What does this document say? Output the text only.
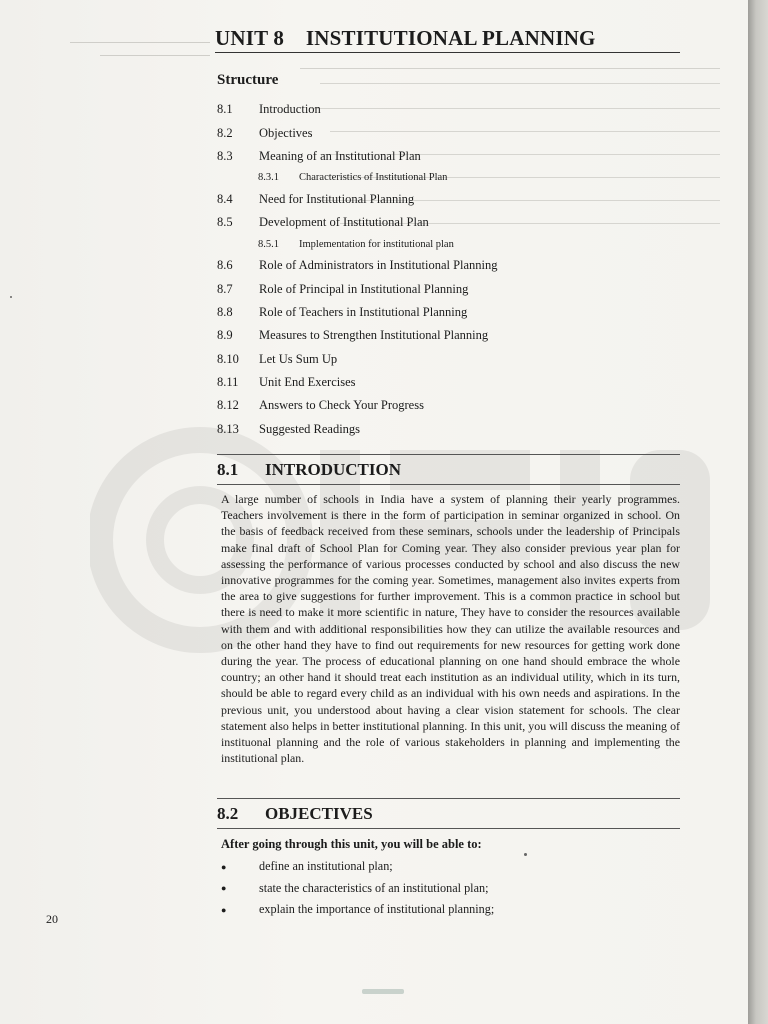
UNIT 8    INSTITUTIONAL PLANNING
Structure
8.1	Introduction
8.2	Objectives
8.3	Meaning of an Institutional Plan
8.3.1	Characteristics of Institutional Plan
8.4	Need for Institutional Planning
8.5	Development of Institutional Plan
8.5.1	Implementation for institutional plan
8.6	Role of Administrators in Institutional Planning
8.7	Role of Principal in Institutional Planning
8.8	Role of Teachers in Institutional Planning
8.9	Measures to Strengthen Institutional Planning
8.10	Let Us Sum Up
8.11	Unit End Exercises
8.12	Answers to Check Your Progress
8.13	Suggested Readings
8.1 INTRODUCTION
A large number of schools in India have a system of planning their yearly programmes. Teachers involvement is there in the form of participation in seminar organized in school. On the basis of feedback received from these seminars, schools under the leadership of Principals make final draft of School Plan for Coming year. They also consider previous year plan for assessing the performance of various processes conducted by school and also discuss the new innovative programmes for the coming year. Sometimes, management also invites experts from the area to give suggestions for further improvement. This is a common practice in school but there is need to make it more scientific in nature, They have to consider the resources available with them and with additional responsibilities how they can utilize the available resources and on the other hand they have to find out requirements for new resources for getting work done during the year. The process of educational planning on one hand should embrace the whole country; an other hand it should treat each institution as an individual utility, which in its turn, should be able to regard every child as an individual with his own needs and aspirations. In the previous unit, you understood about having a clear vision statement for schools. The clear statement also helps in better institutional planning. In this unit, you will discuss the meaning of instituonal planning and the role of various stakeholders in planning and implementing the institutional plan.
8.2 OBJECTIVES
After going through this unit, you will be able to:
●	define an institutional plan;
●	state the characteristics of an institutional plan;
●	explain the importance of institutional planning;
20
